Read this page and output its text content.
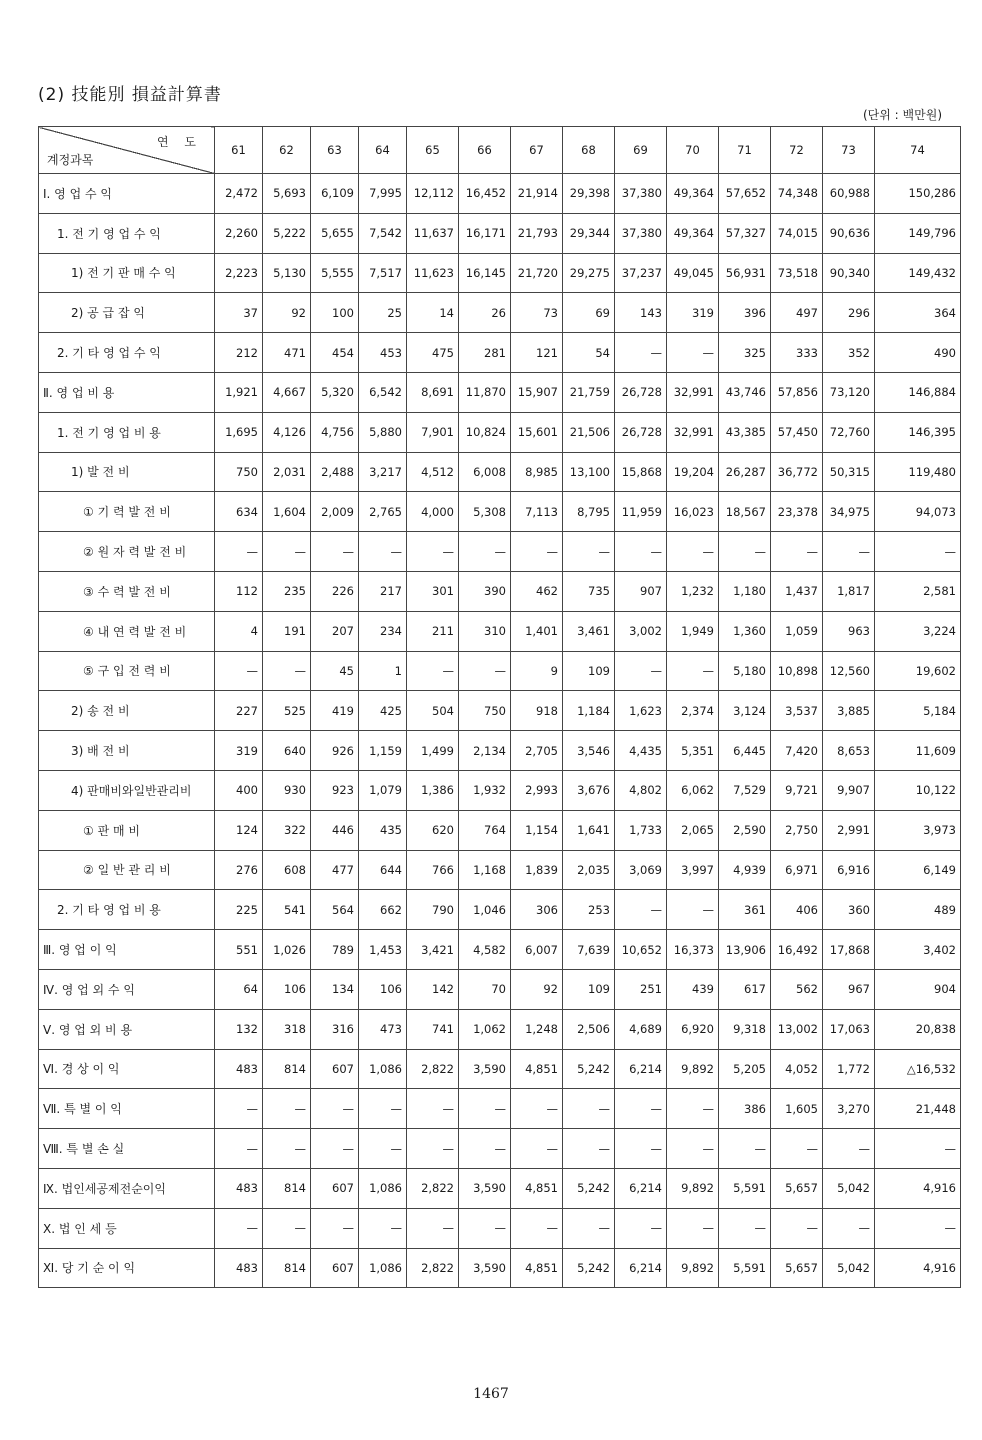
(2) 技能別 損益計算書
(단위 : 백만원)
연 도
계정과목	61	62	63	64	65	66	67	68	69	70	71	72	73	74
Ⅰ. 영 업 수 익	2,472	5,693	6,109	7,995	12,112	16,452	21,914	29,398	37,380	49,364	57,652	74,348	60,988	150,286
1. 전 기 영 업 수 익	2,260	5,222	5,655	7,542	11,637	16,171	21,793	29,344	37,380	49,364	57,327	74,015	90,636	149,796
1) 전 기 판 매 수 익	2,223	5,130	5,555	7,517	11,623	16,145	21,720	29,275	37,237	49,045	56,931	73,518	90,340	149,432
2) 공 급 잡 익	37	92	100	25	14	26	73	69	143	319	396	497	296	364
2. 기 타 영 업 수 익	212	471	454	453	475	281	121	54	—	—	325	333	352	490
Ⅱ. 영 업 비 용	1,921	4,667	5,320	6,542	8,691	11,870	15,907	21,759	26,728	32,991	43,746	57,856	73,120	146,884
1. 전 기 영 업 비 용	1,695	4,126	4,756	5,880	7,901	10,824	15,601	21,506	26,728	32,991	43,385	57,450	72,760	146,395
1) 발 전 비	750	2,031	2,488	3,217	4,512	6,008	8,985	13,100	15,868	19,204	26,287	36,772	50,315	119,480
① 기 력 발 전 비	634	1,604	2,009	2,765	4,000	5,308	7,113	8,795	11,959	16,023	18,567	23,378	34,975	94,073
② 원 자 력 발 전 비	—	—	—	—	—	—	—	—	—	—	—	—	—	—
③ 수 력 발 전 비	112	235	226	217	301	390	462	735	907	1,232	1,180	1,437	1,817	2,581
④ 내 연 력 발 전 비	4	191	207	234	211	310	1,401	3,461	3,002	1,949	1,360	1,059	963	3,224
⑤ 구 입 전 력 비	—	—	45	1	—	—	9	109	—	—	5,180	10,898	12,560	19,602
2) 송 전 비	227	525	419	425	504	750	918	1,184	1,623	2,374	3,124	3,537	3,885	5,184
3) 배 전 비	319	640	926	1,159	1,499	2,134	2,705	3,546	4,435	5,351	6,445	7,420	8,653	11,609
4) 판매비와일반관리비	400	930	923	1,079	1,386	1,932	2,993	3,676	4,802	6,062	7,529	9,721	9,907	10,122
① 판 매 비	124	322	446	435	620	764	1,154	1,641	1,733	2,065	2,590	2,750	2,991	3,973
② 일 반 관 리 비	276	608	477	644	766	1,168	1,839	2,035	3,069	3,997	4,939	6,971	6,916	6,149
2. 기 타 영 업 비 용	225	541	564	662	790	1,046	306	253	—	—	361	406	360	489
Ⅲ. 영 업 이 익	551	1,026	789	1,453	3,421	4,582	6,007	7,639	10,652	16,373	13,906	16,492	17,868	3,402
Ⅳ. 영 업 외 수 익	64	106	134	106	142	70	92	109	251	439	617	562	967	904
Ⅴ. 영 업 외 비 용	132	318	316	473	741	1,062	1,248	2,506	4,689	6,920	9,318	13,002	17,063	20,838
Ⅵ. 경 상 이 익	483	814	607	1,086	2,822	3,590	4,851	5,242	6,214	9,892	5,205	4,052	1,772	△16,532
Ⅶ. 특 별 이 익	—	—	—	—	—	—	—	—	—	—	386	1,605	3,270	21,448
Ⅷ. 특 별 손 실	—	—	—	—	—	—	—	—	—	—	—	—	—	—
Ⅸ. 법인세공제전순이익	483	814	607	1,086	2,822	3,590	4,851	5,242	6,214	9,892	5,591	5,657	5,042	4,916
Ⅹ. 법 인 세 등	—	—	—	—	—	—	—	—	—	—	—	—	—	—
Ⅺ. 당 기 순 이 익	483	814	607	1,086	2,822	3,590	4,851	5,242	6,214	9,892	5,591	5,657	5,042	4,916
1467
